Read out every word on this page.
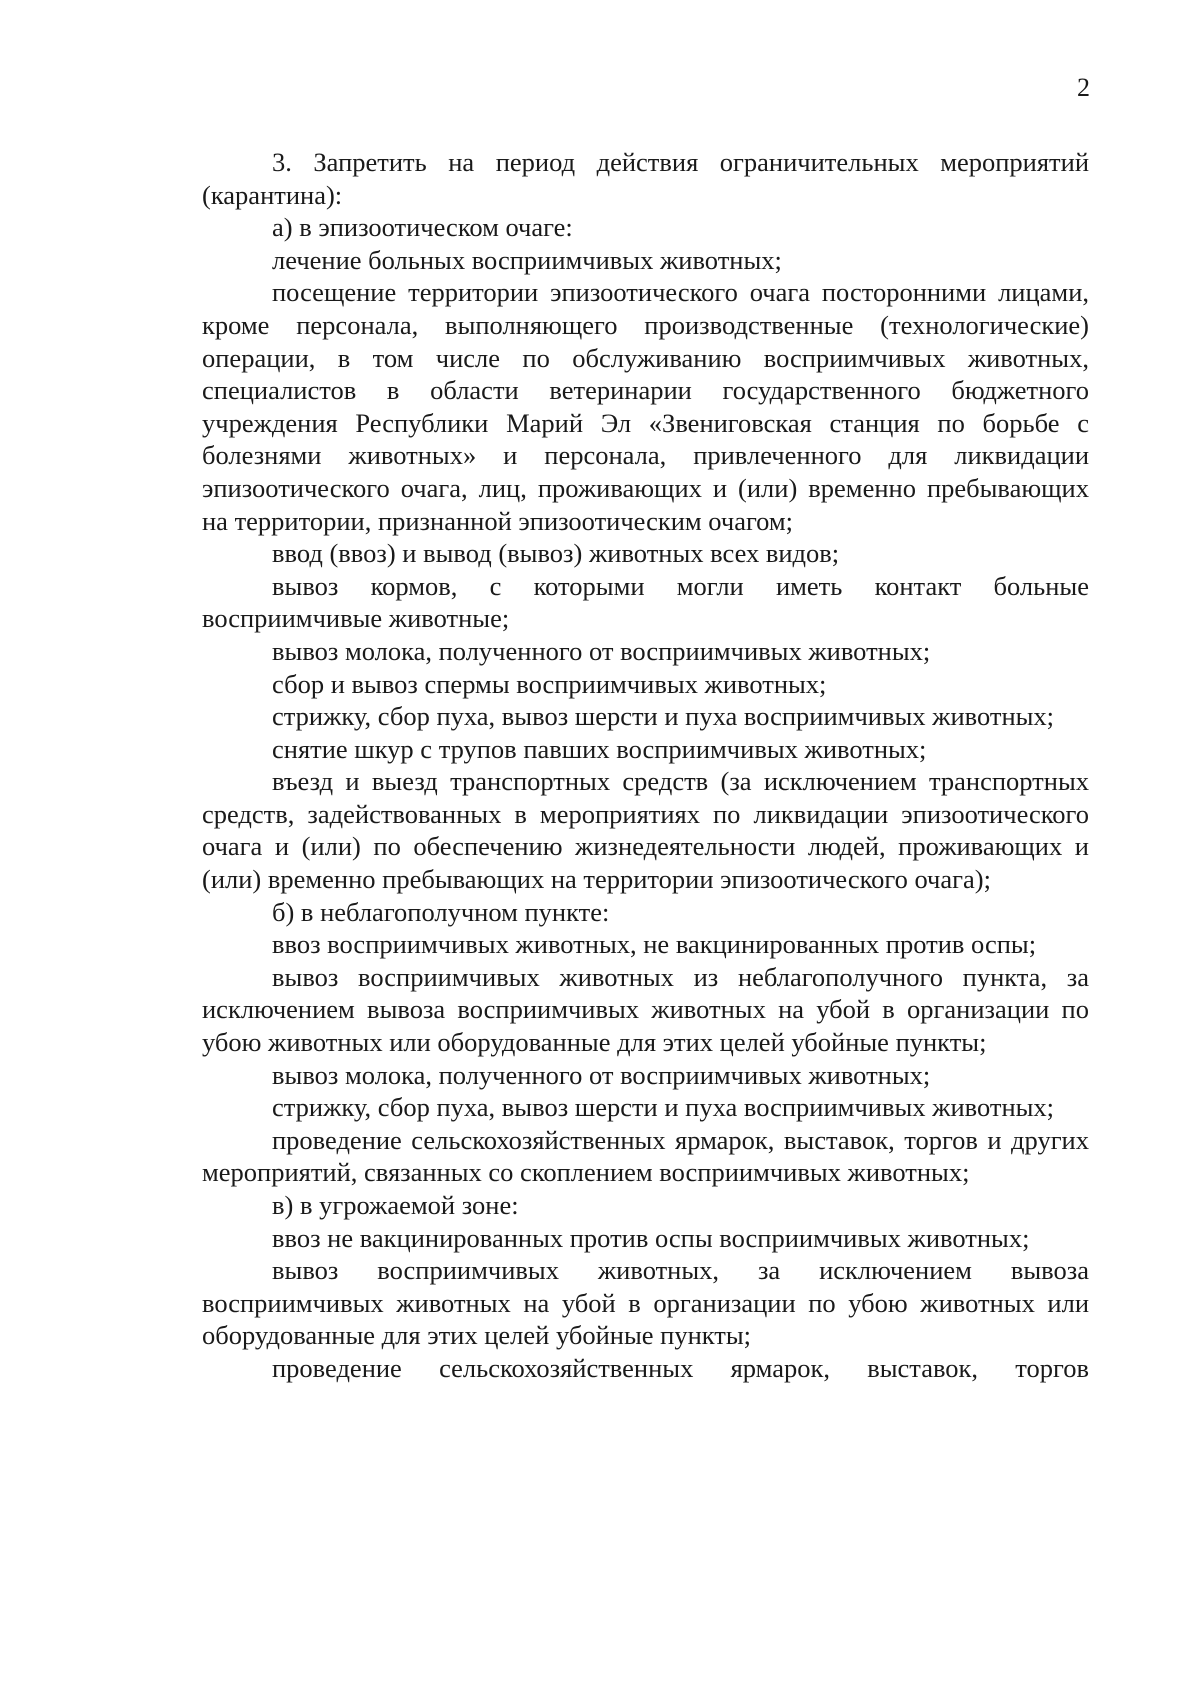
2

3. Запретить на период действия ограничительных мероприятий (карантина):

а) в эпизоотическом очаге:

лечение больных восприимчивых животных;

посещение территории эпизоотического очага посторонними лицами, кроме персонала, выполняющего производственные (технологические) операции, в том числе по обслуживанию восприимчивых животных, специалистов в области ветеринарии государственного бюджетного учреждения Республики Марий Эл «Звениговская станция по борьбе с болезнями животных» и персонала, привлеченного для ликвидации эпизоотического очага, лиц, проживающих и (или) временно пребывающих на территории, признанной эпизоотическим очагом;

ввод (ввоз) и вывод (вывоз) животных всех видов;

вывоз кормов, с которыми могли иметь контакт больные восприимчивые животные;

вывоз молока, полученного от восприимчивых животных;

сбор и вывоз спермы восприимчивых животных;

стрижку, сбор пуха, вывоз шерсти и пуха восприимчивых животных;

снятие шкур с трупов павших восприимчивых животных;

въезд и выезд транспортных средств (за исключением транспортных средств, задействованных в мероприятиях по ликвидации эпизоотического очага и (или) по обеспечению жизнедеятельности людей, проживающих и (или) временно пребывающих на территории эпизоотического очага);

б) в неблагополучном пункте:

ввоз восприимчивых животных, не вакцинированных против оспы;

вывоз восприимчивых животных из неблагополучного пункта, за исключением вывоза восприимчивых животных на убой в организации по убою животных или оборудованные для этих целей убойные пункты;

вывоз молока, полученного от восприимчивых животных;

стрижку, сбор пуха, вывоз шерсти и пуха восприимчивых животных;

проведение сельскохозяйственных ярмарок, выставок, торгов и других мероприятий, связанных со скоплением восприимчивых животных;

в) в угрожаемой зоне:

ввоз не вакцинированных против оспы восприимчивых животных;

вывоз восприимчивых животных, за исключением вывоза восприимчивых животных на убой в организации по убою животных или оборудованные для этих целей убойные пункты;

проведение сельскохозяйственных ярмарок, выставок, торгов
